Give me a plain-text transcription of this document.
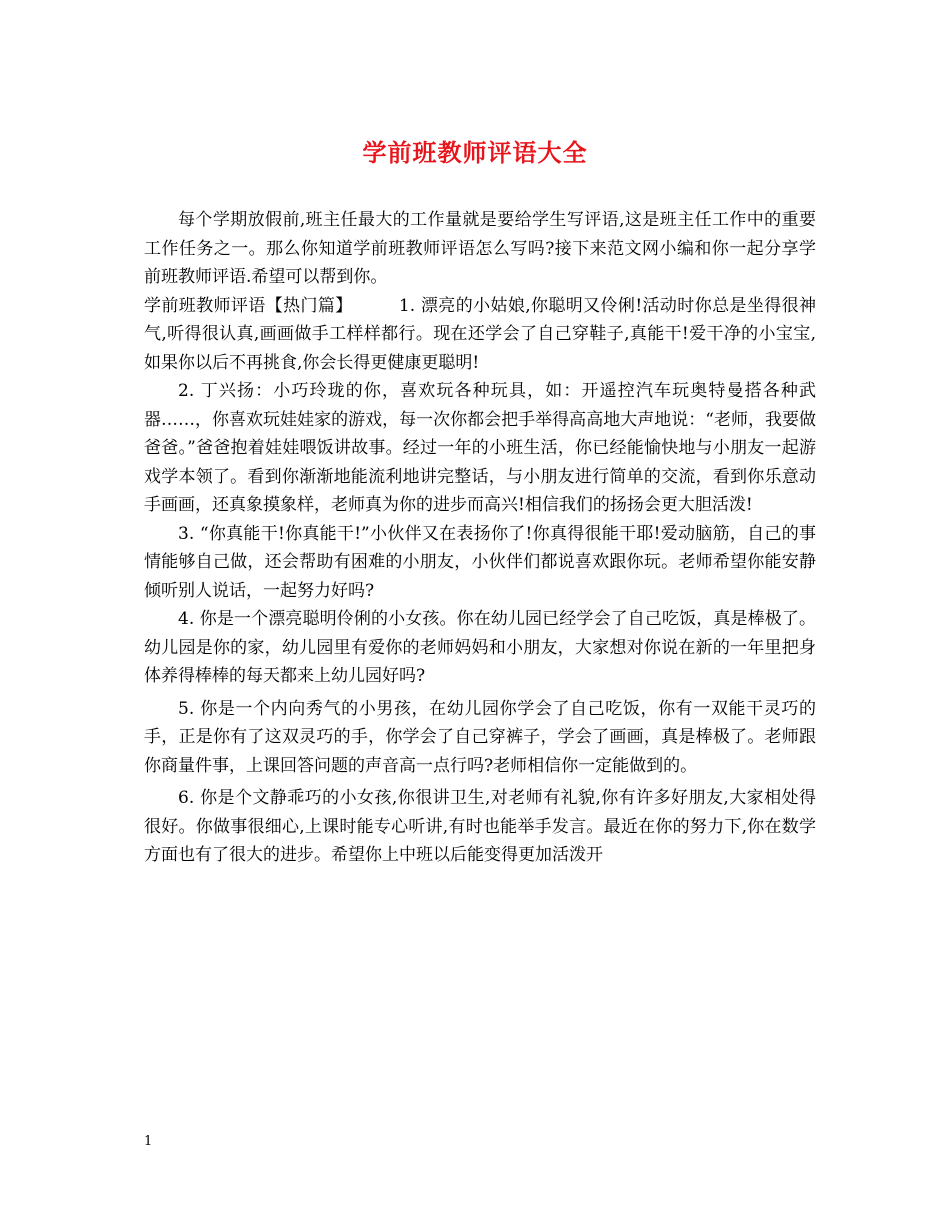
学前班教师评语大全

每个学期放假前,班主任最大的工作量就是要给学生写评语,这是班主任工作中的重要工作任务之一。那么你知道学前班教师评语怎么写吗?接下来范文网小编和你一起分享学前班教师评语.希望可以帮到你。

学前班教师评语【热门篇】        1. 漂亮的小姑娘,你聪明又伶俐!活动时你总是坐得很神气,听得很认真,画画做手工样样都行。现在还学会了自己穿鞋子,真能干!爱干净的小宝宝,如果你以后不再挑食,你会长得更健康更聪明!

2. 丁兴扬：小巧玲珑的你，喜欢玩各种玩具，如：开遥控汽车玩奥特曼搭各种武器……，你喜欢玩娃娃家的游戏，每一次你都会把手举得高高地大声地说：“老师，我要做爸爸。”爸爸抱着娃娃喂饭讲故事。经过一年的小班生活，你已经能愉快地与小朋友一起游戏学本领了。看到你渐渐地能流利地讲完整话，与小朋友进行简单的交流，看到你乐意动手画画，还真象摸象样，老师真为你的进步而高兴!相信我们的扬扬会更大胆活泼!

3. “你真能干!你真能干!”小伙伴又在表扬你了!你真得很能干耶!爱动脑筋，自己的事情能够自己做，还会帮助有困难的小朋友，小伙伴们都说喜欢跟你玩。老师希望你能安静倾听别人说话，一起努力好吗?

4. 你是一个漂亮聪明伶俐的小女孩。你在幼儿园已经学会了自己吃饭，真是棒极了。幼儿园是你的家，幼儿园里有爱你的老师妈妈和小朋友，大家想对你说在新的一年里把身体养得棒棒的每天都来上幼儿园好吗?

5. 你是一个内向秀气的小男孩，在幼儿园你学会了自己吃饭，你有一双能干灵巧的手，正是你有了这双灵巧的手，你学会了自己穿裤子，学会了画画，真是棒极了。老师跟你商量件事，上课回答问题的声音高一点行吗?老师相信你一定能做到的。

6. 你是个文静乖巧的小女孩,你很讲卫生,对老师有礼貌,你有许多好朋友,大家相处得很好。你做事很细心,上课时能专心听讲,有时也能举手发言。最近在你的努力下,你在数学方面也有了很大的进步。希望你上中班以后能变得更加活泼开

1
